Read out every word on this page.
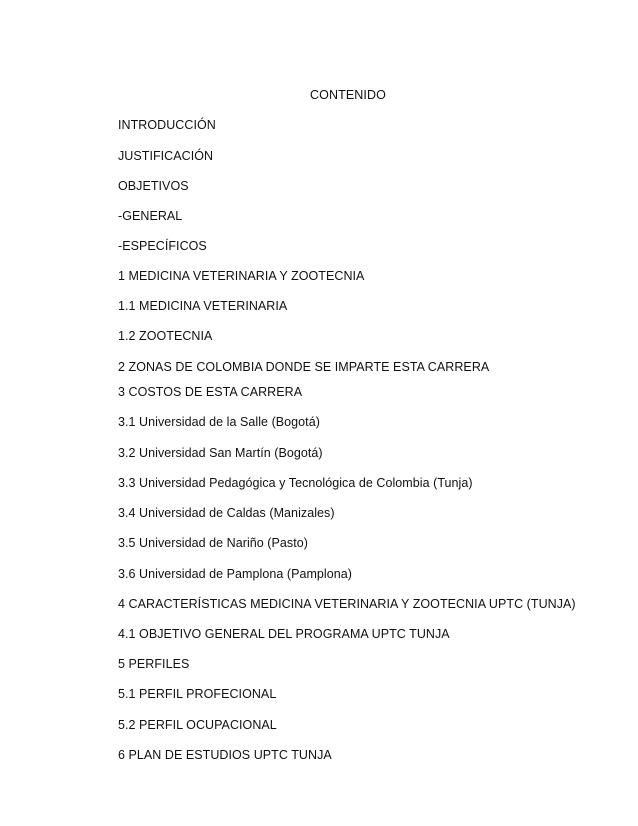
CONTENIDO
INTRODUCCIÓN
JUSTIFICACIÓN
OBJETIVOS
-GENERAL
-ESPECÍFICOS
1 MEDICINA VETERINARIA Y ZOOTECNIA
1.1 MEDICINA VETERINARIA
1.2 ZOOTECNIA
2 ZONAS DE COLOMBIA DONDE SE IMPARTE ESTA CARRERA
3 COSTOS DE ESTA CARRERA
3.1 Universidad de la Salle (Bogotá)
3.2 Universidad San Martín (Bogotá)
3.3 Universidad Pedagógica y Tecnológica de Colombia (Tunja)
3.4 Universidad de Caldas (Manizales)
3.5 Universidad de Nariño (Pasto)
3.6 Universidad de Pamplona (Pamplona)
4 CARACTERÍSTICAS MEDICINA VETERINARIA Y ZOOTECNIA UPTC (TUNJA)
4.1 OBJETIVO GENERAL DEL PROGRAMA UPTC TUNJA
5 PERFILES
5.1 PERFIL PROFECIONAL
5.2 PERFIL OCUPACIONAL
6 PLAN DE ESTUDIOS UPTC TUNJA
